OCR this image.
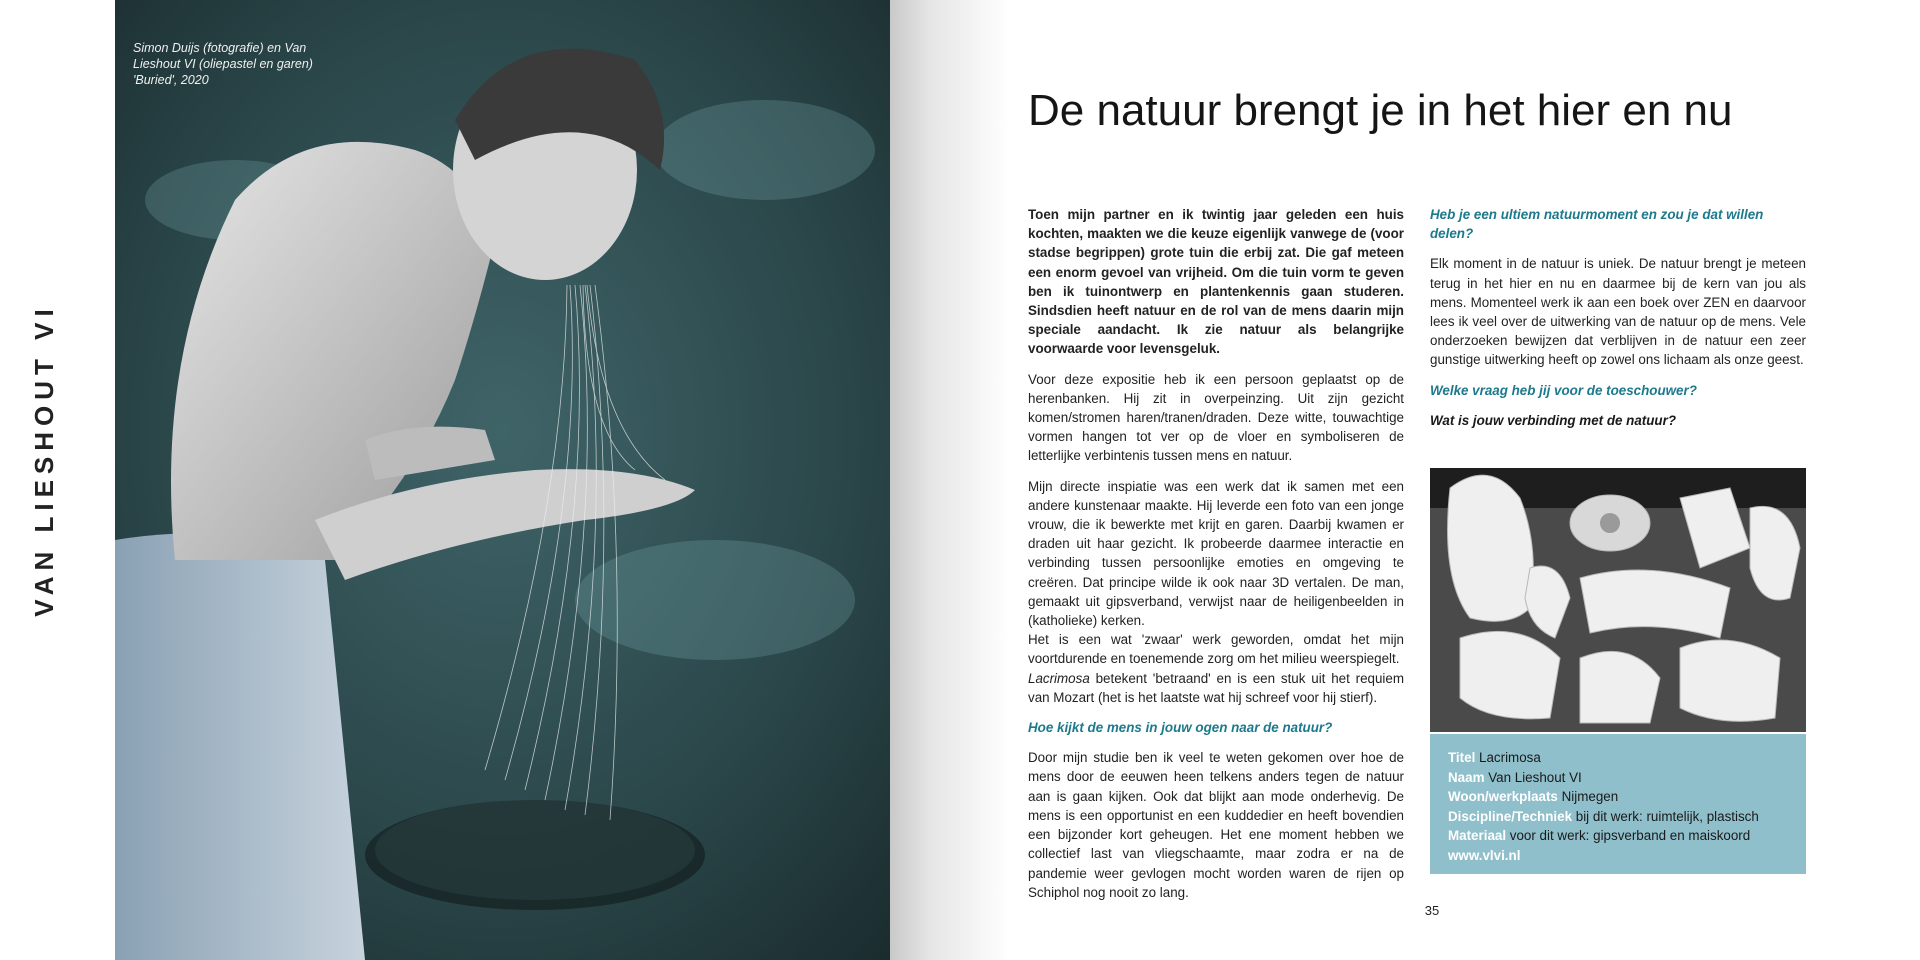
VAN LIESHOUT VI
Simon Duijs (fotografie) en Van Lieshout VI (oliepastel en garen) 'Buried', 2020
De natuur brengt je in het hier en nu

Toen mijn partner en ik twintig jaar geleden een huis kochten, maakten we die keuze eigenlijk vanwege de (voor stadse begrippen) grote tuin die erbij zat. Die gaf meteen een enorm gevoel van vrijheid. Om die tuin vorm te geven ben ik tuinontwerp en plantenkennis gaan studeren. Sindsdien heeft natuur en de rol van de mens daarin mijn speciale aandacht. Ik zie natuur als belangrijke voorwaarde voor levensgeluk.

Voor deze expositie heb ik een persoon geplaatst op de herenbanken. Hij zit in overpeinzing. Uit zijn gezicht komen/stromen haren/tranen/draden. Deze witte, touwachtige vormen hangen tot ver op de vloer en symboliseren de letterlijke verbintenis tussen mens en natuur.

Mijn directe inspiatie was een werk dat ik samen met een andere kunstenaar maakte. Hij leverde een foto van een jonge vrouw, die ik bewerkte met krijt en garen. Daarbij kwamen er draden uit haar gezicht. Ik probeerde daarmee interactie en verbinding tussen persoonlijke emoties en omgeving te creëren. Dat principe wilde ik ook naar 3D vertalen. De man, gemaakt uit gipsverband, verwijst naar de heiligenbeelden in (katholieke) kerken.

Het is een wat 'zwaar' werk geworden, omdat het mijn voortdurende en toenemende zorg om het milieu weerspiegelt.

Lacrimosa betekent 'betraand' en is een stuk uit het requiem van Mozart (het is het laatste wat hij schreef voor hij stierf).

Hoe kijkt de mens in jouw ogen naar de natuur?

Door mijn studie ben ik veel te weten gekomen over hoe de mens door de eeuwen heen telkens anders tegen de natuur aan is gaan kijken. Ook dat blijkt aan mode onderhevig. De mens is een opportunist en een kuddedier en heeft bovendien een bijzonder kort geheugen. Het ene moment hebben we collectief last van vliegschaamte, maar zodra er na de pandemie weer gevlogen mocht worden waren de rijen op Schiphol nog nooit zo lang.

Heb je een ultiem natuurmoment en zou je dat willen delen?

Elk moment in de natuur is uniek. De natuur brengt je meteen terug in het hier en nu en daarmee bij de kern van jou als mens. Momenteel werk ik aan een boek over ZEN en daarvoor lees ik veel over de uitwerking van de natuur op de mens. Vele onderzoeken bewijzen dat verblijven in de natuur een zeer gunstige uitwerking heeft op zowel ons lichaam als onze geest.

Welke vraag heb jij voor de toeschouwer?

Wat is jouw verbinding met de natuur?

Titel Lacrimosa
Naam Van Lieshout VI
Woon/werkplaats Nijmegen
Discipline/Techniek bij dit werk: ruimtelijk, plastisch
Materiaal voor dit werk: gipsverband en maiskoord
www.vlvi.nl
35
